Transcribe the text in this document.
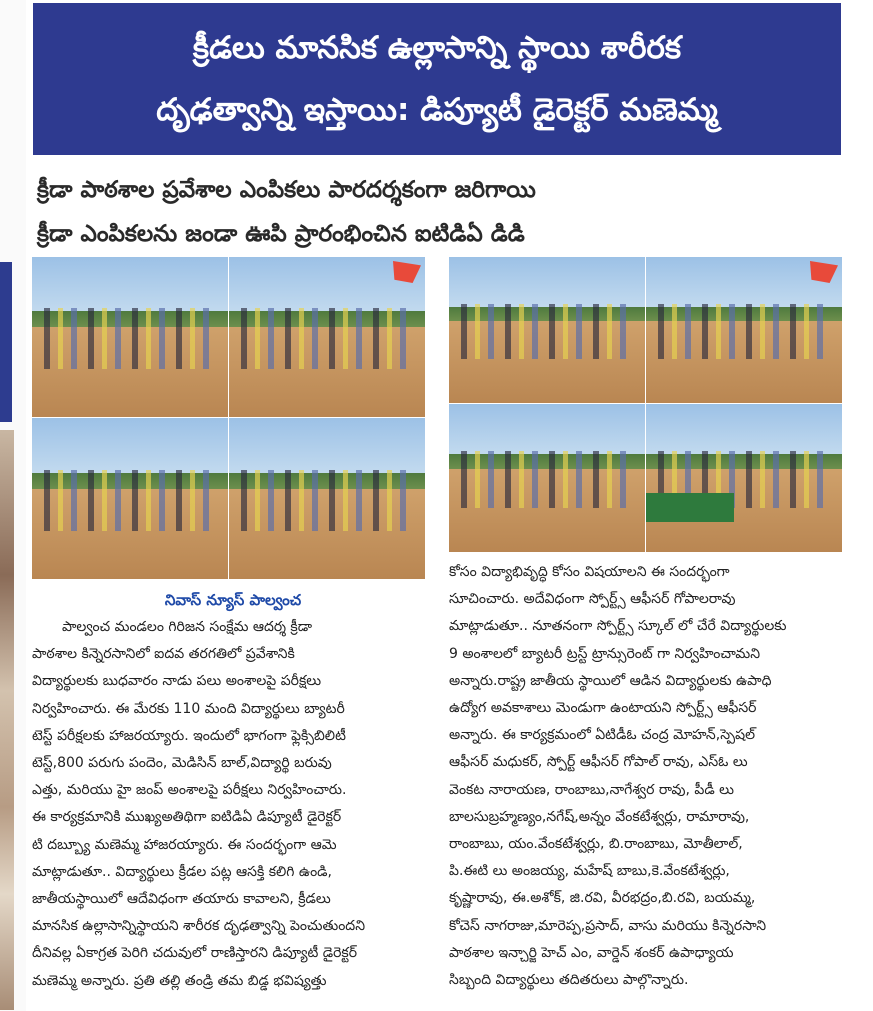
క్రీడలు మానసిక ఉల్లాసాన్ని స్థాయి శారీరక
దృఢత్వాన్ని ఇస్తాయి: డిప్యూటీ డైరెక్టర్ మణెమ్మ
క్రీడా పాఠశాల ప్రవేశాల ఎంపికలు పారదర్శకంగా జరిగాయి
క్రీడా ఎంపికలను జండా ఊపి ప్రారంభించిన ఐటిడిఏ డిడి
నివాస్ న్యూస్ పాల్వంచ
పాల్వంచ మండలం గిరిజన సంక్షేమ ఆదర్శ క్రీడా
పాఠశాల కిన్నెరసానిలో ఐదవ తరగతిలో ప్రవేశానికి
విద్యార్థులకు బుధవారం నాడు పలు అంశాలపై పరీక్షలు
నిర్వహించారు. ఈ మేరకు 110 మంది విద్యార్థులు బ్యాటరీ
టెస్ట్ పరీక్షలకు హాజరయ్యారు. ఇందులో భాగంగా ఫ్లెక్సిబిలిటీ
టెస్ట్,800 పరుగు పందెం, మెడిసిన్ బాల్,విద్యార్థి బరువు
ఎత్తు, మరియు హై జంప్ అంశాలపై పరీక్షలు నిర్వహించారు.
ఈ కార్యక్రమానికి ముఖ్యఅతిథిగా ఐటిడిఏ డిప్యూటీ డైరెక్టర్
టి దబ్బ్యూ మణెమ్మ హాజరయ్యారు. ఈ సందర్భంగా ఆమె
మాట్లాడుతూ.. విద్యార్థులు క్రీడల పట్ల ఆసక్తి కలిగి ఉండి,
జాతీయస్థాయిలో ఆదేవిధంగా తయారు కావాలని, క్రీడలు
మానసిక ఉల్లాసాన్నిస్థాయని శారీరక దృఢత్వాన్ని పెంచుతుందని
దీనివల్ల ఏకాగ్రత పెరిగి చదువులో రాణిస్తారని డిప్యూటీ డైరెక్టర్
మణెమ్మ అన్నారు. ప్రతి తల్లి తండ్రి తమ బిడ్డ భవిష్యత్తు
కోసం విద్యాభివృద్ధి కోసం విషయాలని ఈ సందర్భంగా
సూచించారు. అదేవిధంగా స్పోర్ట్స్ ఆఫీసర్ గోపాలరావు
మాట్లాడుతూ.. నూతనంగా స్పోర్ట్స్ స్కూల్ లో చేరే విద్యార్థులకు
9 అంశాలలో బ్యాటరీ ట్రస్ట్ ట్రాన్సురెంట్ గా నిర్వహించామని
అన్నారు.రాష్ట్ర జాతీయ స్థాయిలో ఆడిన విద్యార్థులకు ఉపాధి
ఉద్యోగ అవకాశాలు మెండుగా ఉంటాయని స్పోర్ట్స్ ఆఫీసర్
అన్నారు. ఈ కార్యక్రమంలో ఏటిడీఓ చంద్ర మోహన్,స్పెషల్
ఆఫీసర్ మధుకర్, స్పోర్ట్ ఆఫీసర్ గోపాల్ రావు, ఎస్ఓ లు
వెంకట నారాయణ, రాంబాబు,నాగేశ్వర రావు, పీడీ లు
బాలసుబ్రహ్మణ్యం,నగేష్,అన్నం వేంకటేశ్వర్లు, రామారావు,
రాంబాబు, యం.వేంకటేశ్వర్లు, బి.రాంబాబు, మోతీలాల్,
పి.ఈటి లు అంజయ్య, మహేష్ బాబు,కె.వేంకటేశ్వర్లు,
కృష్ణారావు, ఈ.అశోక్, జి.రవి, వీరభద్రం,బి.రవి, బయమ్మ,
కోచెస్ నాగరాజు,మారెప్ప,ప్రసాద్, వాసు మరియు కిన్నెరసాని
పాఠశాల ఇన్చార్జి హెచ్ ఎం, వార్డెన్ శంకర్ ఉపాధ్యాయ
సిబ్బంది విద్యార్థులు తదితరులు పాల్గొన్నారు.
